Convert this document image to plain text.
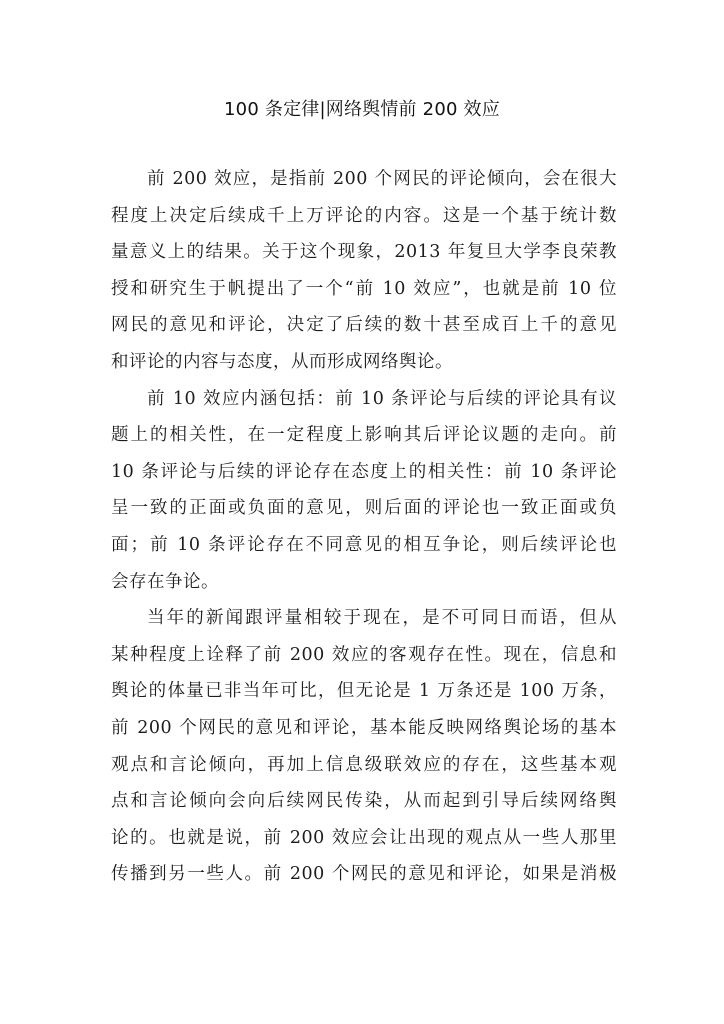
100 条定律|网络舆情前 200 效应
前 200 效应，是指前 200 个网民的评论倾向，会在很大
程度上决定后续成千上万评论的内容。这是一个基于统计数
量意义上的结果。关于这个现象，2013 年复旦大学李良荣教
授和研究生于帆提出了一个“前 10 效应”，也就是前 10 位
网民的意见和评论，决定了后续的数十甚至成百上千的意见
和评论的内容与态度，从而形成网络舆论。
前 10 效应内涵包括：前 10 条评论与后续的评论具有议
题上的相关性，在一定程度上影响其后评论议题的走向。前
10 条评论与后续的评论存在态度上的相关性：前 10 条评论
呈一致的正面或负面的意见，则后面的评论也一致正面或负
面；前 10 条评论存在不同意见的相互争论，则后续评论也
会存在争论。
当年的新闻跟评量相较于现在，是不可同日而语，但从
某种程度上诠释了前 200 效应的客观存在性。现在，信息和
舆论的体量已非当年可比，但无论是 1 万条还是 100 万条，
前 200 个网民的意见和评论，基本能反映网络舆论场的基本
观点和言论倾向，再加上信息级联效应的存在，这些基本观
点和言论倾向会向后续网民传染，从而起到引导后续网络舆
论的。也就是说，前 200 效应会让出现的观点从一些人那里
传播到另一些人。前 200 个网民的意见和评论，如果是消极
